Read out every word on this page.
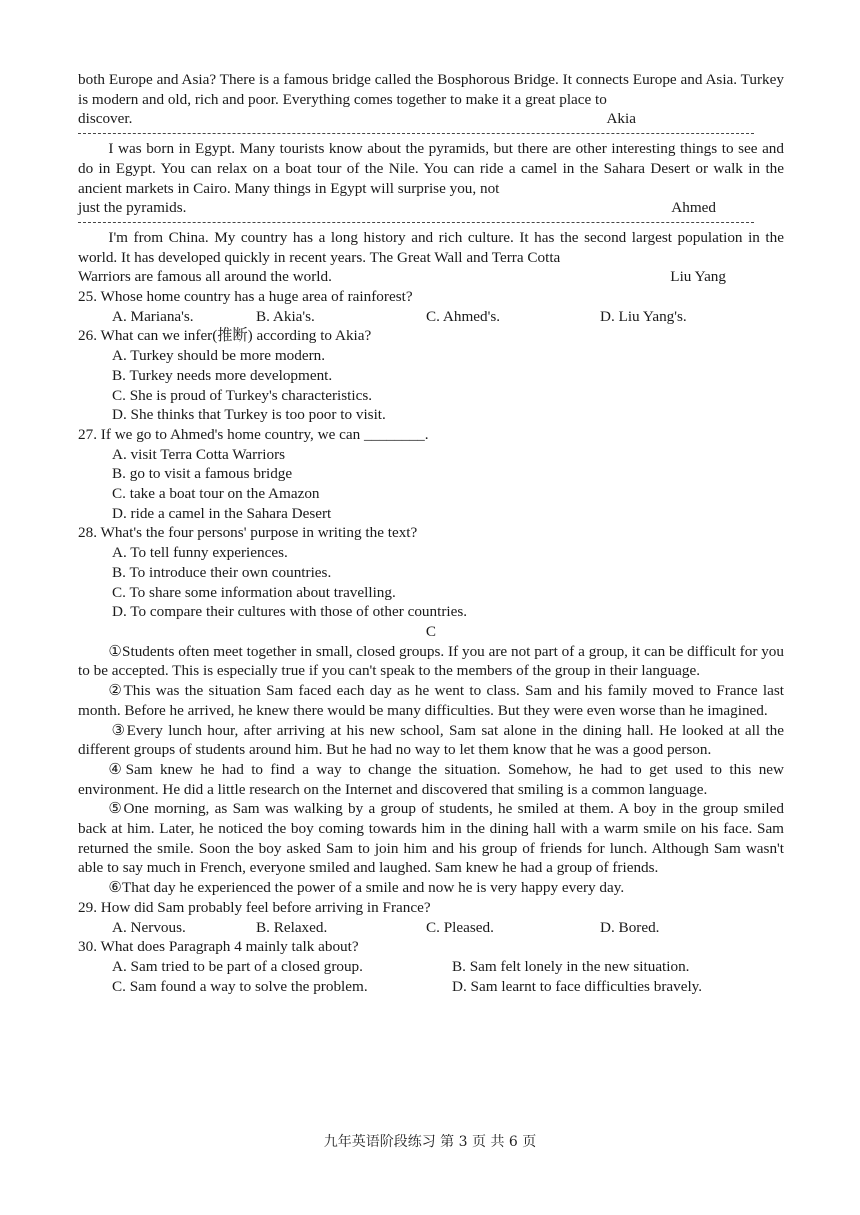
both Europe and Asia? There is a famous bridge called the Bosphorous Bridge. It connects Europe and Asia. Turkey is modern and old, rich and poor. Everything comes together to make it a great place to
discover.	Akia
I was born in Egypt. Many tourists know about the pyramids, but there are other interesting things to see and do in Egypt. You can relax on a boat tour of the Nile. You can ride a camel in the Sahara Desert or walk in the ancient markets in Cairo. Many things in Egypt will surprise you, not
just the pyramids.	Ahmed
I'm from China. My country has a long history and rich culture. It has the second largest population in the world. It has developed quickly in recent years. The Great Wall and Terra Cotta
Warriors are famous all around the world.	Liu Yang
25. Whose home country has a huge area of rainforest?
A. Mariana's.	B. Akia's.	C. Ahmed's.	D. Liu Yang's.
26. What can we infer(推断) according to Akia?
A. Turkey should be more modern.
B. Turkey needs more development.
C. She is proud of Turkey's characteristics.
D. She thinks that Turkey is too poor to visit.
27. If we go to Ahmed's home country, we can ________.
A. visit Terra Cotta Warriors
B. go to visit a famous bridge
C. take a boat tour on the Amazon
D. ride a camel in the Sahara Desert
28. What's the four persons' purpose in writing the text?
A. To tell funny experiences.
B. To introduce their own countries.
C. To share some information about travelling.
D. To compare their cultures with those of other countries.
C
①Students often meet together in small, closed groups. If you are not part of a group, it can be difficult for you to be accepted. This is especially true if you can't speak to the members of the group in their language.
②This was the situation Sam faced each day as he went to class. Sam and his family moved to France last month. Before he arrived, he knew there would be many difficulties. But they were even worse than he imagined.
③Every lunch hour, after arriving at his new school, Sam sat alone in the dining hall. He looked at all the different groups of students around him. But he had no way to let them know that he was a good person.
④Sam knew he had to find a way to change the situation. Somehow, he had to get used to this new environment. He did a little research on the Internet and discovered that smiling is a common language.
⑤One morning, as Sam was walking by a group of students, he smiled at them. A boy in the group smiled back at him. Later, he noticed the boy coming towards him in the dining hall with a warm smile on his face. Sam returned the smile. Soon the boy asked Sam to join him and his group of friends for lunch. Although Sam wasn't able to say much in French, everyone smiled and laughed. Sam knew he had a group of friends.
⑥That day he experienced the power of a smile and now he is very happy every day.
29. How did Sam probably feel before arriving in France?
A. Nervous.	B. Relaxed.	C. Pleased.	D. Bored.
30. What does Paragraph 4 mainly talk about?
A. Sam tried to be part of a closed group.	B. Sam felt lonely in the new situation.
C. Sam found a way to solve the problem.	D. Sam learnt to face difficulties bravely.
九年英语阶段练习 第 3 页 共 6 页
